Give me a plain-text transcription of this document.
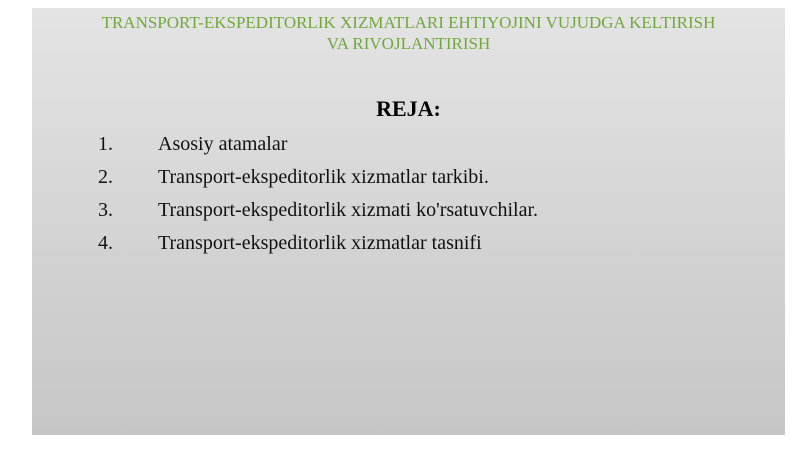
TRANSPORT-EKSPEDITORLIK XIZMATLARI EHTIYOJINI VUJUDGA KELTIRISH
VA RIVOJLANTIRISH
REJA:
1.	Asosiy atamalar
2.	Transport-ekspeditorlik xizmatlar tarkibi.
3.	Transport-ekspeditorlik xizmati ko'rsatuvchilar.
4.	Transport-ekspeditorlik xizmatlar tasnifi
